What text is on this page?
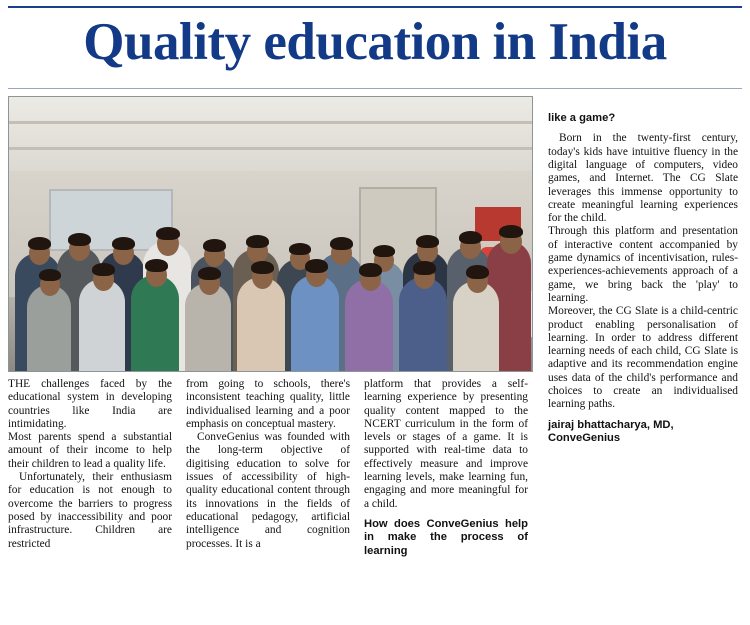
Quality education in India

THE challenges faced by the educational system in developing countries like India are intimidating.

Most parents spend a substantial amount of their income to help their children to lead a quality life.

Unfortunately, their enthusiasm for education is not enough to overcome the barriers to progress posed by inaccessibility and poor infrastructure. Children are restricted

from going to schools, there's inconsistent teaching quality, little individualised learning and a poor emphasis on conceptual mastery.

ConveGenius was founded with the long-term objective of digitising education to solve for issues of accessibility of high-quality educational content through its innovations in the fields of educational pedagogy, artificial intelligence and cognition processes. It is a

platform that provides a self-learning experience by presenting quality content mapped to the NCERT curriculum in the form of levels or stages of a game. It is supported with real-time data to effectively measure and improve learning levels, make learning fun, engaging and more meaningful for a child.

How does ConveGenius help in make the process of learning

like a game?

Born in the twenty-first century, today's kids have intuitive fluency in the digital language of computers, video games, and Internet. The CG Slate leverages this immense opportunity to create meaningful learning experiences for the child.

Through this platform and presentation of interactive content accompanied by game dynamics of incentivisation, rules-experiences-achievements approach of a game, we bring back the 'play' to learning.

Moreover, the CG Slate is a child-centric product enabling personalisation of learning. In order to address different learning needs of each child, CG Slate is adaptive and its recommendation engine uses data of the child's performance and choices to create an individualised learning paths.

jairaj bhattacharya, MD,

ConveGenius
